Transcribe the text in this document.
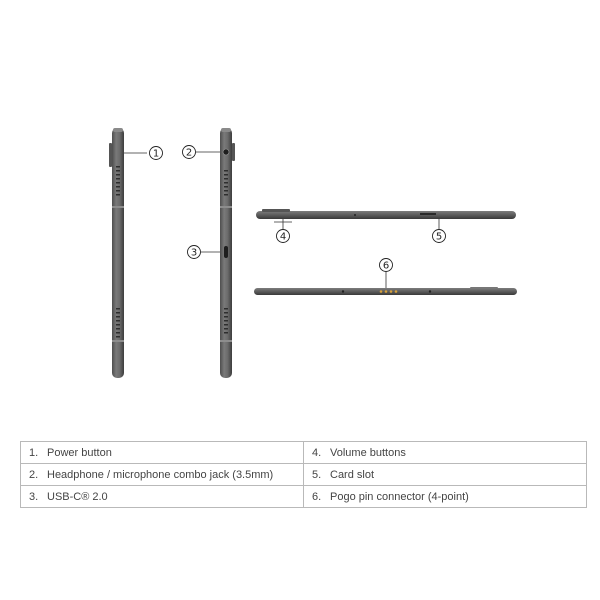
1	2
3
4	5
6
1. Power button	4. Volume buttons
2. Headphone / microphone combo jack (3.5mm)	5. Card slot
3. USB-C® 2.0	6. Pogo pin connector (4-point)
